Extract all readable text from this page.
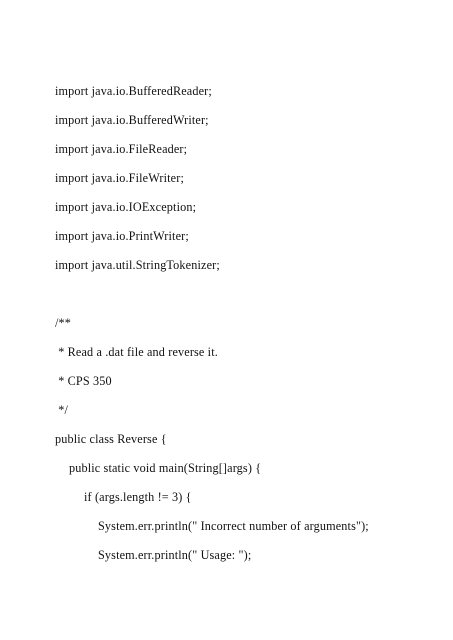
import java.io.BufferedReader;
import java.io.BufferedWriter;
import java.io.FileReader;
import java.io.FileWriter;
import java.io.IOException;
import java.io.PrintWriter;
import java.util.StringTokenizer;
/**
* Read a .dat file and reverse it.
* CPS 350
*/
public class Reverse {
public static void main(String[]args) {
if (args.length != 3) {
System.err.println(" Incorrect number of arguments");
System.err.println(" Usage: ");
